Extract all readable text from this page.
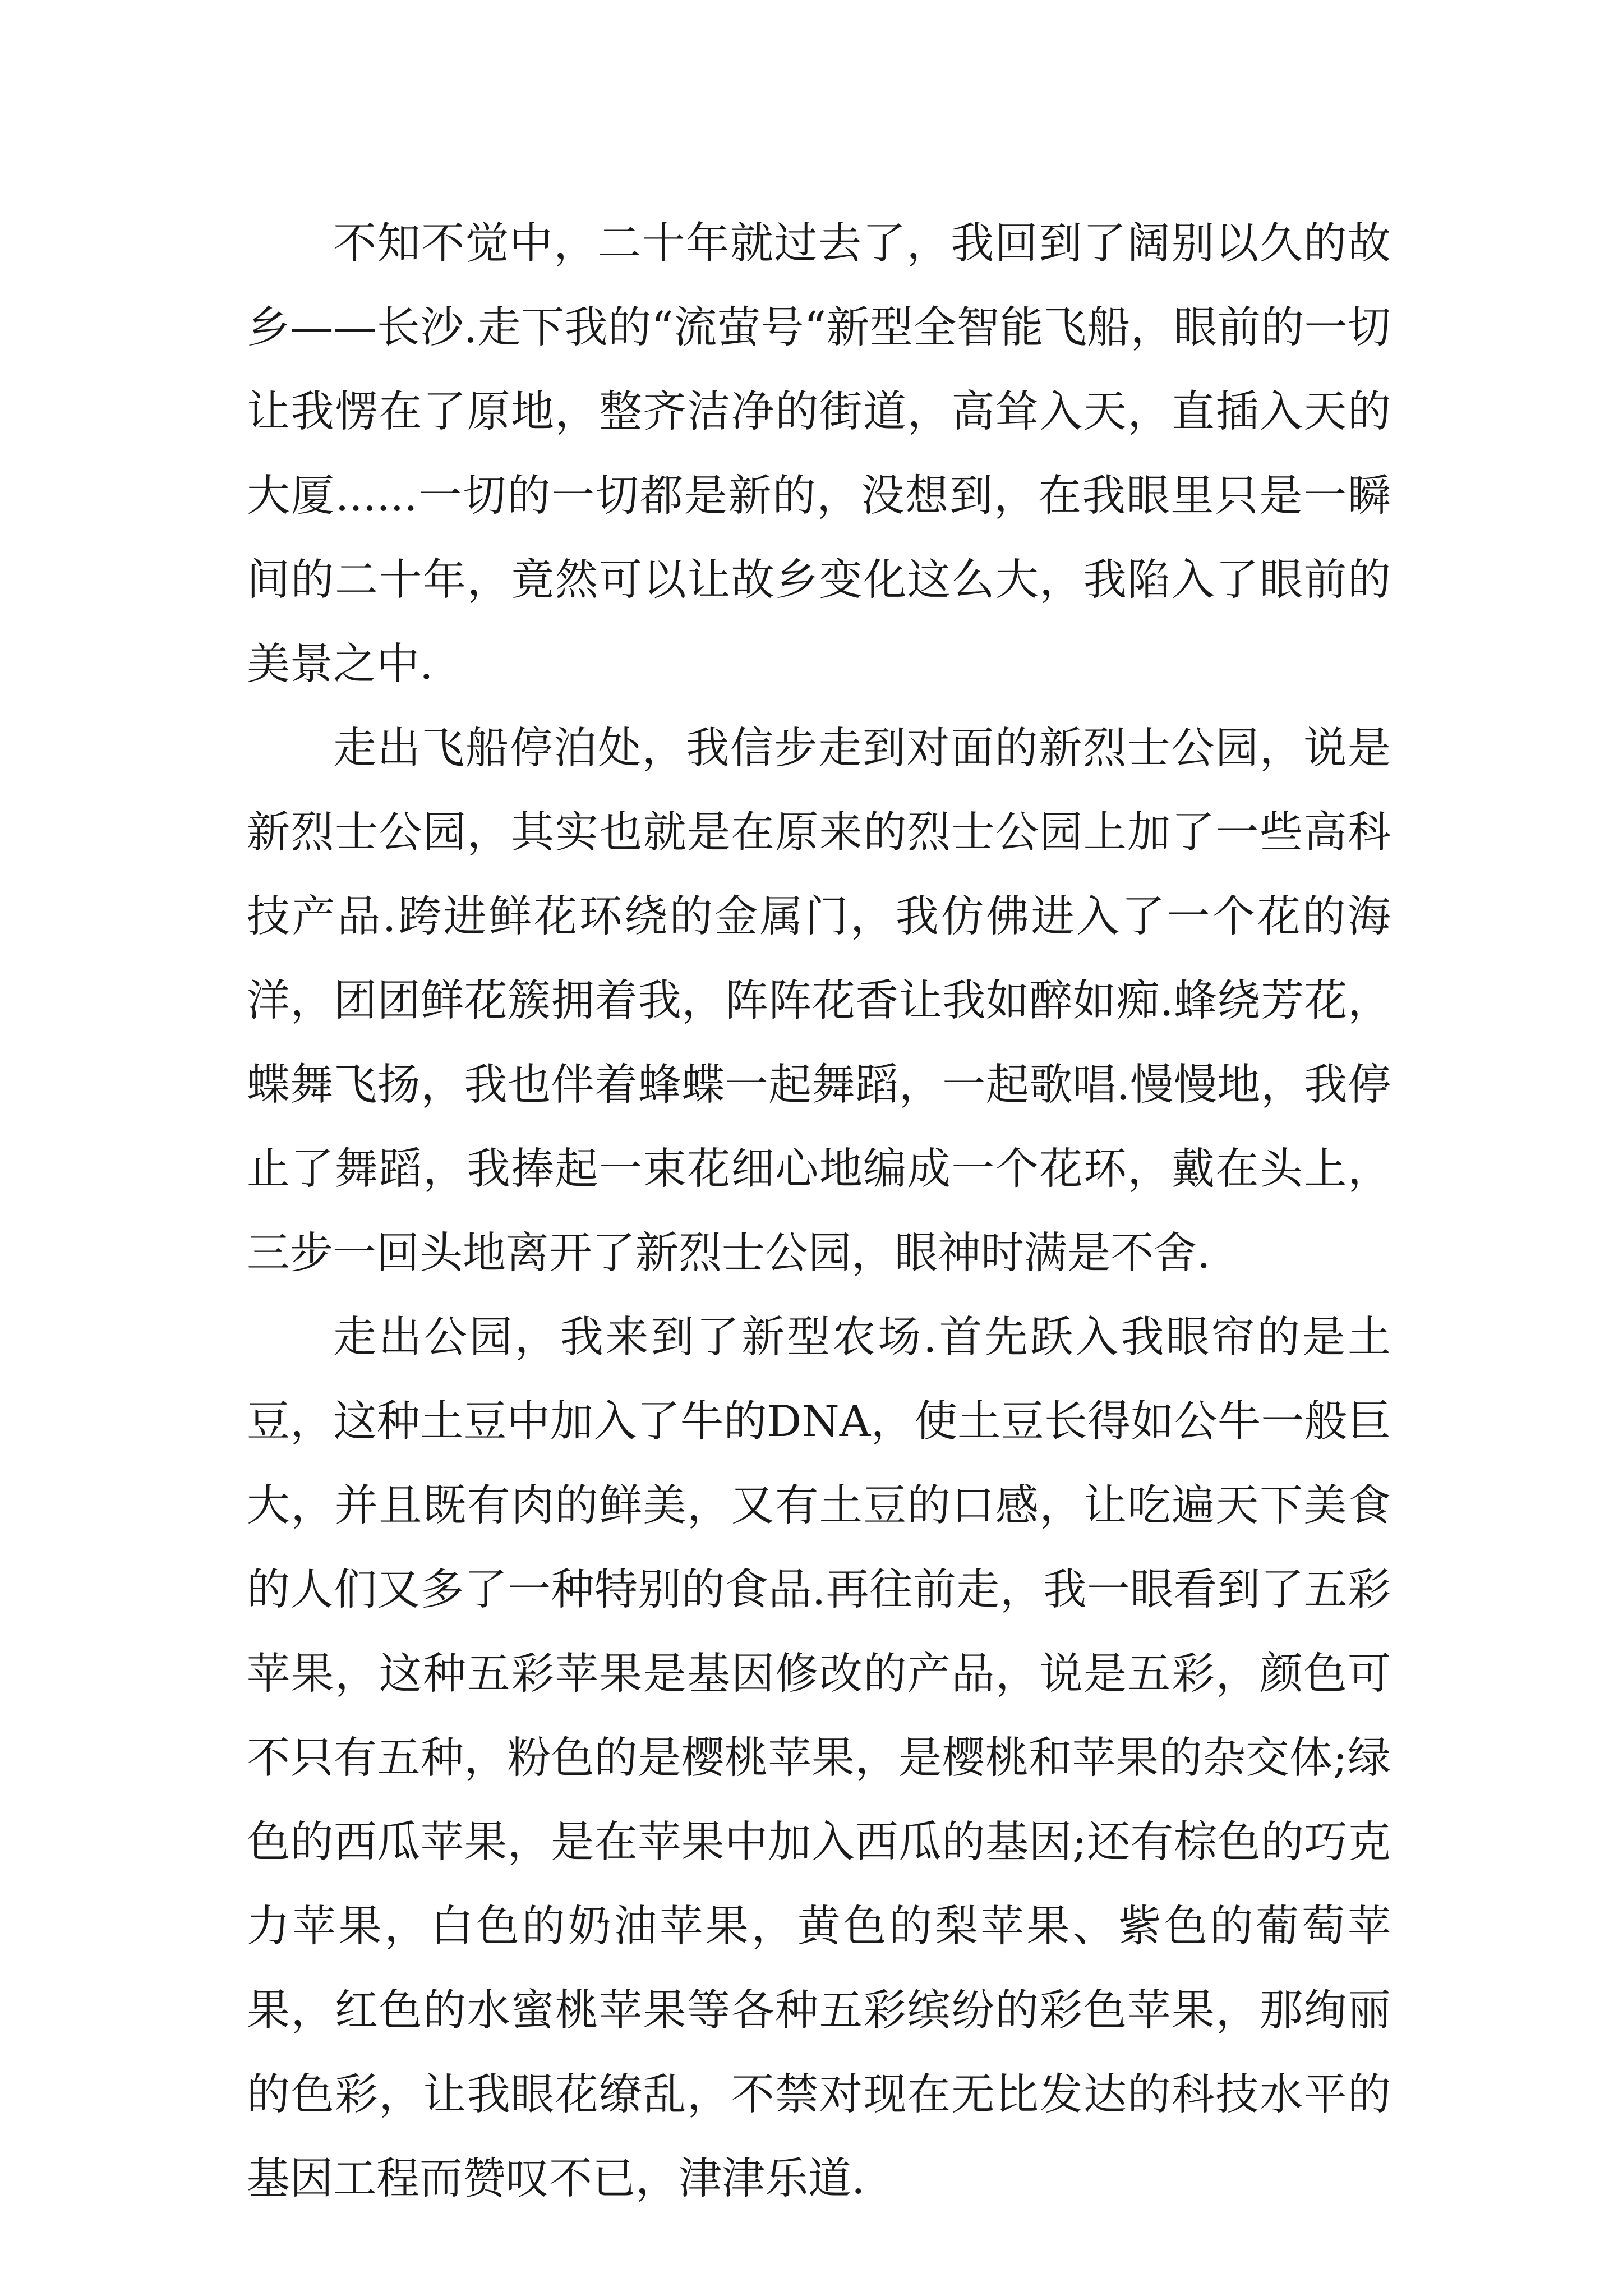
不知不觉中，二十年就过去了，我回到了阔别以久的故乡——长沙.走下我的“流萤号“新型全智能飞船，眼前的一切让我愣在了原地，整齐洁净的街道，高耸入天，直插入天的大厦......一切的一切都是新的，没想到，在我眼里只是一瞬间的二十年，竟然可以让故乡变化这么大，我陷入了眼前的美景之中.

走出飞船停泊处，我信步走到对面的新烈士公园，说是新烈士公园，其实也就是在原来的烈士公园上加了一些高科技产品.跨进鲜花环绕的金属门，我仿佛进入了一个花的海洋，团团鲜花簇拥着我，阵阵花香让我如醉如痴.蜂绕芳花，蝶舞飞扬，我也伴着蜂蝶一起舞蹈，一起歌唱.慢慢地，我停止了舞蹈，我捧起一束花细心地编成一个花环，戴在头上，三步一回头地离开了新烈士公园，眼神时满是不舍.

走出公园，我来到了新型农场.首先跃入我眼帘的是土豆，这种土豆中加入了牛的DNA，使土豆长得如公牛一般巨大，并且既有肉的鲜美，又有土豆的口感，让吃遍天下美食的人们又多了一种特别的食品.再往前走，我一眼看到了五彩苹果，这种五彩苹果是基因修改的产品，说是五彩，颜色可不只有五种，粉色的是樱桃苹果，是樱桃和苹果的杂交体;绿色的西瓜苹果，是在苹果中加入西瓜的基因;还有棕色的巧克力苹果，白色的奶油苹果，黄色的梨苹果、紫色的葡萄苹果，红色的水蜜桃苹果等各种五彩缤纷的彩色苹果，那绚丽的色彩，让我眼花缭乱，不禁对现在无比发达的科技水平的基因工程而赞叹不已，津津乐道.
